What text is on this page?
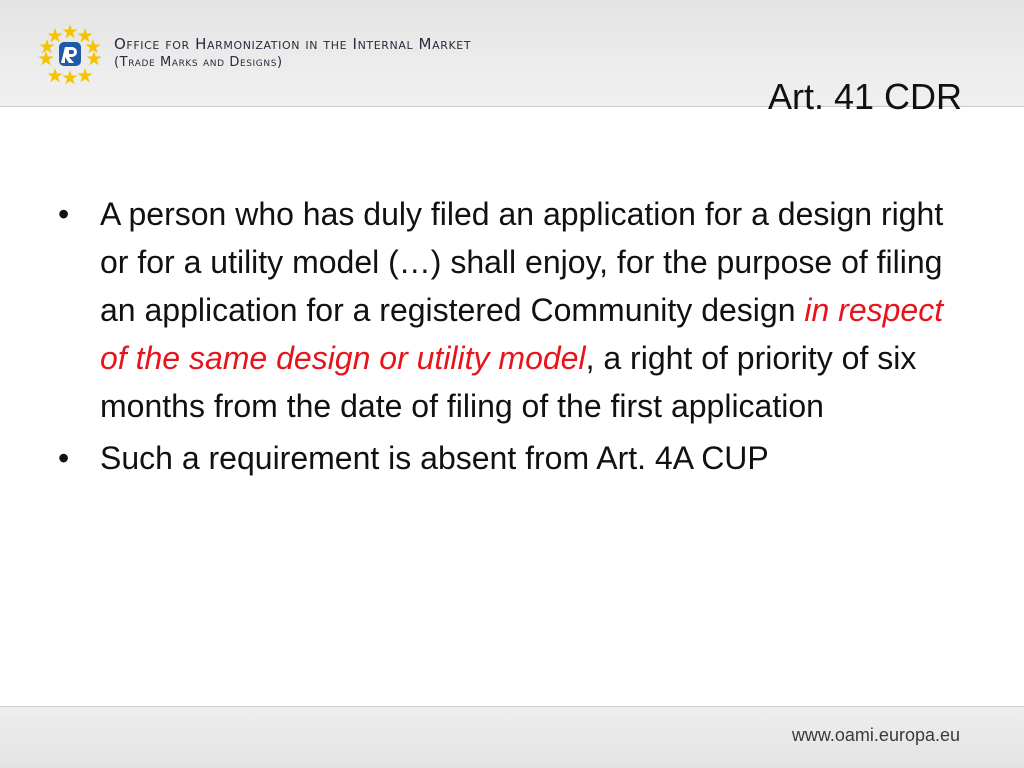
Office for Harmonization in the Internal Market
(Trade Marks and Designs)
Art. 41 CDR
• A person who has duly filed an application for a design right or for a utility model (…) shall enjoy, for the purpose of filing an application for a registered Community design in respect of the same design or utility model, a right of priority of six months from the date of filing of the first application
• Such a requirement is absent from Art. 4A CUP
www.oami.europa.eu
